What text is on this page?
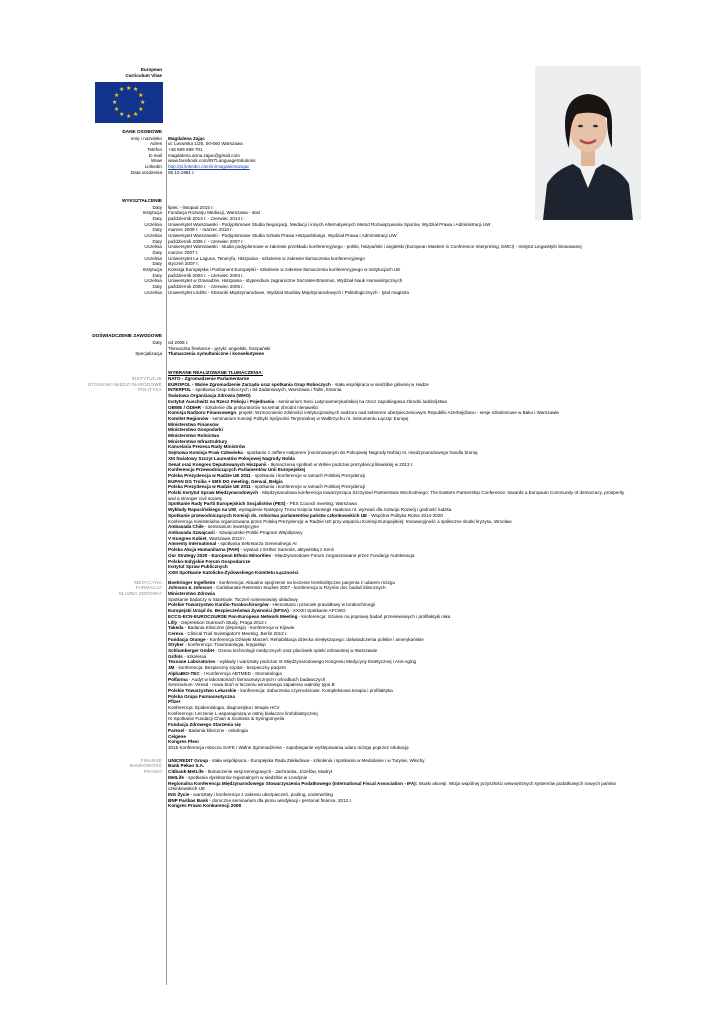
European
Curriculum Vitae
★ ★
★
★
★
★
★
★
★
★
★
★
DANE OSOBOWE
Imię i nazwisko Magdalena Zając
Adres ul. Lwowska 1/26, 00-660 Warszawa
Telefon +48 509 669 701
E-mail magdalena.anna.zajac@gmail.com
Www www.facebook.com/INTLanguageSolutions
Linkedin http://pl.linkedin.com/in/magdalenazajac
Data urodzenia 06.10.1981 r.
WYKSZTAŁCENIE
Daty lipiec - listopad 2015 r.
Instytucja Fundacja Rozwoju Mediacji, Warszawa - staż
Daty październik 2013 r. - czerwiec 2014 r.
Uczelnia Uniwersytet Warszawski - Podyplomowe Studia Negocjacji, Mediacji i innych Alternatywnych Metod Rozwiązywania Sporów, Wydział Prawa i Administracji UW
Daty marzec 2009 r. - marzec 2010 r.
Uczelnia Uniwersytet Warszawski - Podyplomowe Studia Szkoła Prawa Hiszpańskiego, Wydział Prawa i Administracji UW
Daty październik 2006 r. - czerwiec 2007 r.
Uczelnia Uniwersytet Warszawski - studia podyplomowe w zakresie przekładu konferencyjnego - polski, hiszpański i angielski (European Masters in Conference Interpreting, EMCI) - Instytut Lingwistyki Stosowanej
Daty marzec 2007 r.
Uczelnia Uniwersytet La Laguna, Teneryfa, Hiszpania - szkolenie w zakresie tłumaczenia konferencyjnego
Daty styczeń 2007 r.
Instytucja Komisja Europejska i Parlament Europejski - szkolenie w zakresie tłumaczenia konferencyjnego w instytucjach UE
Daty październik 2003 r. - czerwiec 2004 r.
Uczelnia Uniwersytet w Granadzie, Hiszpania - stypendium zagraniczne Socrates-Erasmus, Wydział Nauk Humanistycznych
Daty październik 2000 r. - czerwiec 2005 r.
Uczelnia Uniwersytet Łódzki - Stosunki Międzynarodowe, Wydział Studiów Międzynarodowych i Politologicznych - tytuł magistra
DOŚWIADCZENIE ZAWODOWE
Daty od 2005 r.
Tłumaczka freelance - języki: angielski, hiszpański
Specjalizacja Tłumaczenia symultaniczne i konsekutywne
WYBRANE REALIZOWANE TŁUMACZENIA:
INSTYTUCJE
STOSUNKI MIĘDZYNARODOWE
POLITYKA
NATO - Zgromadzenie Parlamentarne
EUROPOL - Walne Zgromadzenie Zarządu oraz spotkania Grup Roboczych - stała współpraca w siedzibie głównej w Hadze
INTERPOL - spotkania Grup roboczych i Sił Zadaniowych, Warszawa i Tallin, Estonia
Światowa Organizacja Zdrowia (WHO)
Instytut Auschwitz na Rzecz Pokoju i Pojednania - seminarium Sieci Latynoamerykańskiej na rzecz zapobiegania zbrodni ludobójstwa
OBWE / ODIHR - Szkolenie dla prokuratorów na temat zbrodni nienawiści
Komisja Nadzoru Finansowego, projekt: Wzmocnienie zdolności instytucjonalnych nadzoru nad sektorem ubezpieczeniowym Republiki Azerbejdżanu - sesje szkoleniowe w Baku i Warszawie
Komitet Regionów - seminarium Komisji Polityki Spójności Terytorialnej w Wałbrzychu nt. instrumentu Łącząc Europę
Ministerstwo Finansów
Ministerstwo Gospodarki
Ministerstwo Rolnictwa
Ministerstwo Infrastruktury
Kancelaria Prezesa Rady Ministrów
Sejmowa Komisja Praw Człowieka - spotkanie z Jeffem Halperem (nominowanym do Pokojowej Nagrody Nobla) nt. międzynarodowego handlu bronią
XIII Światowy Szczyt Laureatów Pokojowej Nagrody Nobla
Senat oraz Kongres Deputowanych Hiszpanii - tłumaczenia spotkań w Wilnie podczas prezydencji litewskiej w 2013 r.
Konferencja Przewodniczących Parlamentów Unii Europejskiej
Polska Prezydencja w Radzie UE 2011 - spotkania i konferencje w ramach Polskiej Prezydencji
EUPAN DG Troika + 55th DG meeting, Genval, Belgia
Polska Prezydencja w Radzie UE 2011 - spotkania i konferencje w ramach Polskiej Prezydencji
Polski Instytut Spraw Międzynarodowych - Międzynarodowa konferencja towarzysząca Szczytowi Partnerstwa Wschodniego: The Eastern Partnership Conference: towards a European Community of democracy, prosperity
and a stronger civil society
Spotkanie Rady Partii Europejskich Socjalistów (PES) - PES Council meeting, Warszawa
Wykłady Rapucińskiego na UW, wystąpienie Następcy Tronu Księcia Norwegii Haakona nt. wyzwań dla rozwoju Rozwój i godność ludzka
Spotkanie przewodniczących Komisji ds. rolnictwa parlamentów państw członkowskich UE - Wspólna Polityka Rolna 2014-2020
Konferencja ministerialna organizowana przez Polską Prezydencję w Radzie UE przy wsparciu Komisji Europejskiej: Innowacyjność a spółeczne skutki kryzysu, Wrocław
Ambasada Chile - seminarium inwestycyjne
Ambasada Szwajcarii - Szwajcarsko-Polski Program Współpracy
V Kongres Kobiet, Warszawa 2013 r.
Amnesty International - spotkania Sekretarza Generalnego AI
Polska Akcja Humanitarna (PAH) - wywiad z Esther Samoire, aktywistką z Kenii
Our Strategy 2020 - European Ethnic Minorities - Międzynarodowe Forum zorganizowane przez Fundację Autokreacja
Polsko-Indyjskie Forum Gospodarcze
Instytut Spraw Publicznych
XXIII Spotkanie Katolicko-Żydowskiego Komitetu Łączności
MEDYCYNA
FARMACJA
SŁUŻBA ZDROWIA
Boehringer Ingelheim - konferencja: Aktualne spojrzenie na leczenie trombolityczne pacjenta z udarem mózgu
Johnson & Johnson - Carisbanate Retention Studies 2007 - konferencja w Rzymie dot. badań klinicznych
Ministerstwo Zdrowia
Spotkanie badaczy w Stambule: Toczeń rumieniowaty układowy
Polskie Towarzystwo Kardio-Torakochirurgów - Hemostaza i przeciek prawidłowy w torakochirurgii
Europejski Urząd ds. Bezpieczeństwa Żywności (EFSA) - XXXIII Spotkanie AFCWG
ECCG-ECN-EUROCOURSE Pan-European Network Meeting - konferencja: Szanse na poprawę badań przesiewowych i profilaktyki raka
Lilly - Depression Outreach Study, Praga 2012 r.
Takeda - Badania Kliniczne (depresja) - konferencja w Kijowie
Cerexa - Clinical Trial Investigator's Meeting, Berlin 2012 r.
Fundacja Orange - Konferencja Dźwięki Marzeń: Rehabilitacja dziecka niesłyszącego: doświadczenia polskie i amerykańskie
Stryker - konferencja: Traumatologia, kręgosłup
Schlumberger GmbH - Ocena technologii medycznych oraz placówek opieki zdrowotnej w Warszawie
Grifols - szkolenia
Texoane Laboratories - wykłady i warsztaty podczas IX Międzynarodowego Kongresu Medycyny Estetycznej i Anti-Aging
3M - konferencja: Bezpieczny szpital - bezpieczny pacjent
AlphaBIO-TEC - I Konferencja ABTMED - Stomatologia
Polfarma - Audyt w laboratoriach farmaceutycznych i ośrodkach badawczych
Seminarium: Viread - nowa broń w leczeniu wirusowego zapalenia wątroby typu B
Polskie Towarzystwo Lekarskie - konferencja: Zaburzenia czynnościowe. Kompleksowa terapia i profilaktyka
Polska Grupa Farmaceutyczna
Pfizer
Konferencja: Epidemiologia, diagnostyka i terapia HCV
Konferencja: Leczenie L-asparaginazą w ostrej białaczce limfoblastycznej
IX Spotkanie Fundacji Chiari & Scoliosis & Syringomyelia
Fundacja Zdrowego Starzenia się
Parexel - Badania kliniczne - onkologia
Celgene
Kongres Plesr
2015 Konferencja robocza SAFE i Walne Zgromadzenie - zapobieganie wyślepowania udaru mózgu poprzez edukację
FINANSE
BANKOWOŚĆ
PRAWO
UNICREDIT Group - stała współpraca - Europejska Rada Zakładowa - szkolenia i spotkania w Mediolanie i w Turynie, Włochy
Bank Pekao S.A.
Citibank-MetLife - tłumaczenie sesji treningowych - Jachranka, Józefów, Madryt
MetLife - spotkania dyrektorów regionalnych w siedzibie w Londynie
Regionalna Konferencja Międzynarodowego Stowarzyszenia Podatkowego (International Fiscal Association - IFA): Skutki akcesji. Wizja wspólnej przyszłości wewnętrznych systemów podatkowych nowych państw
członkowskich UE
ING Życie - warsztaty i konferencje z zakresu ubezpieczeń, pooling, underwriting
BNP Paribas Bank - doroczne seminarium dla pionu windykacji i personal finance, 2012 r.
Kongres Prawo Konkurencji 2008
